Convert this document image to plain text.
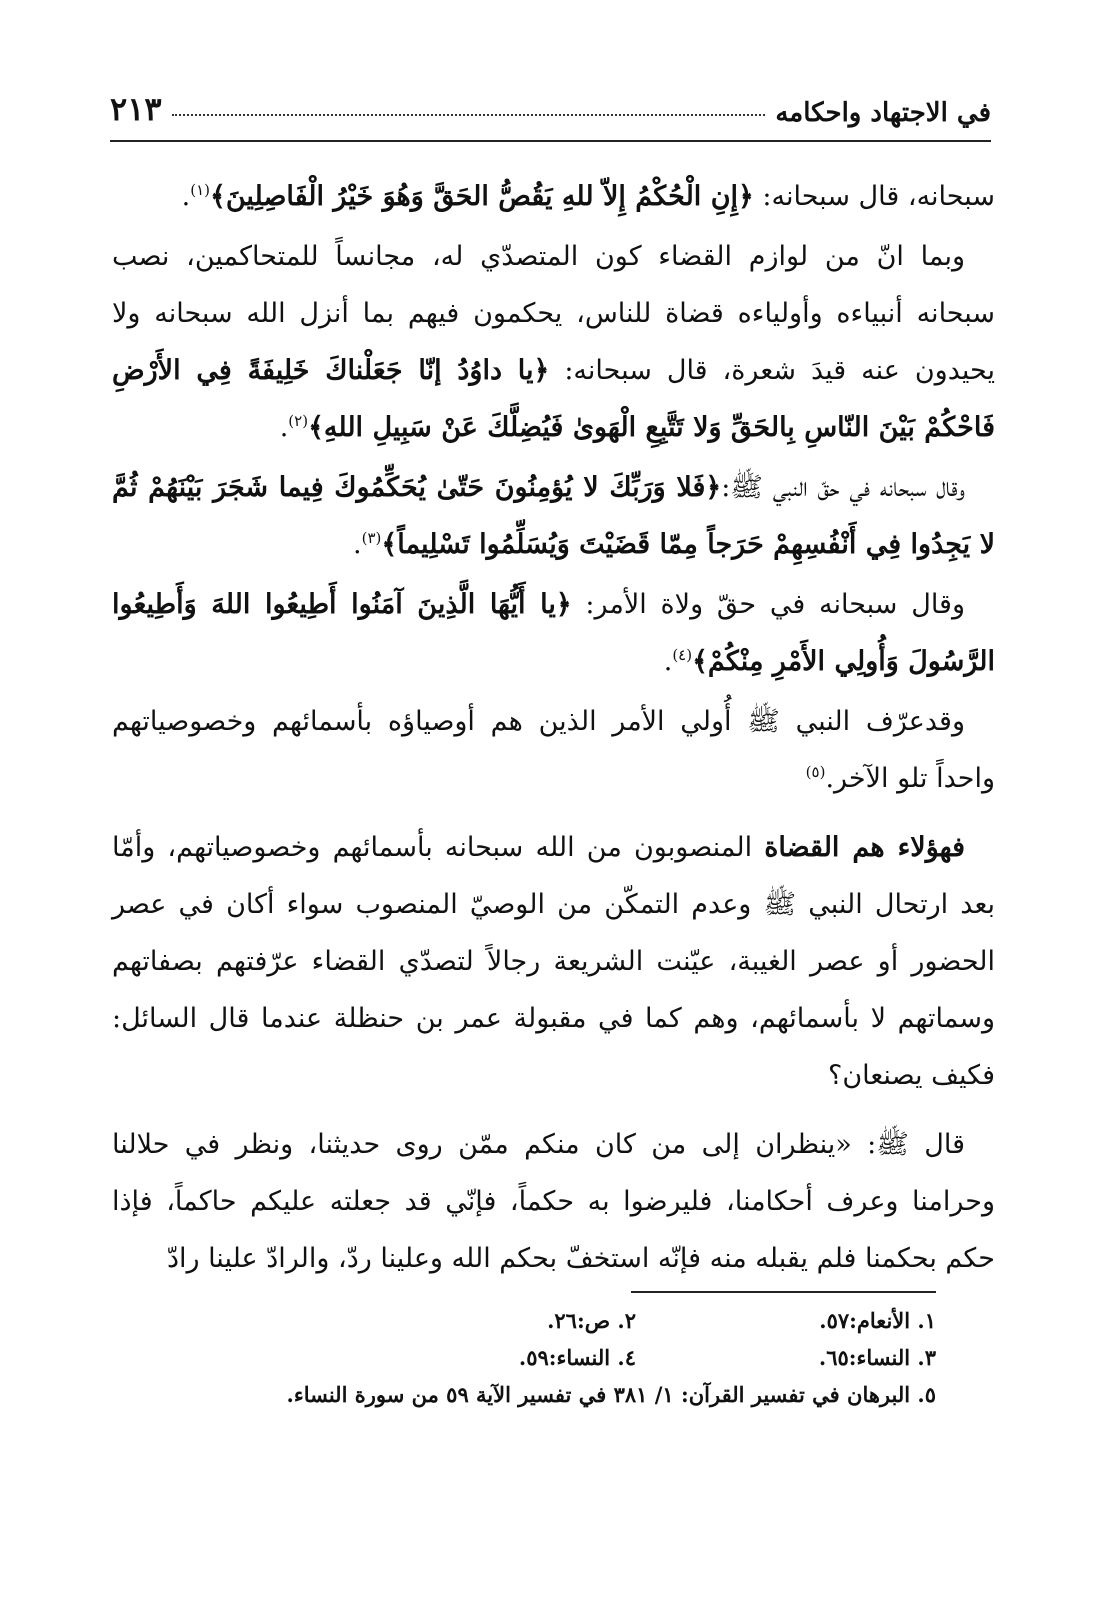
في الاجتهاد واحكامه
٢١٣

سبحانه، قال سبحانه: ﴿إِنِ الْحُكْمُ إِلاّ للهِ يَقُصُّ الحَقَّ وَهُوَ خَيْرُ الْفَاصِلِينَ﴾$^{(١)}$.

وبما انّ من لوازم القضاء كون المتصدّي له، مجانساً للمتحاكمين، نصب سبحانه أنبياءه وأولياءه قضاة للناس، يحكمون فيهم بما أنزل الله سبحانه ولا يحيدون عنه قيدَ شعرة، قال سبحانه: ﴿يا داوُدُ إنّا جَعَلْناكَ خَلِيفَةً فِي الأَرْضِ فَاحْكُمْ بَيْنَ النّاسِ بِالحَقِّ وَلا تَتَّبِعِ الْهَوىٰ فَيُضِلَّكَ عَنْ سَبِيلِ اللهِ﴾$^{(٢)}$.

وقال سبحانه في حقّ النبي ﷺ:﴿فَلا وَرَبِّكَ لا يُؤمِنُونَ حَتّىٰ يُحَكِّمُوكَ فِيما شَجَرَ بَيْنَهُمْ ثُمَّ لا يَجِدُوا فِي أَنْفُسِهِمْ حَرَجاً مِمّا قَضَيْتَ وَيُسَلِّمُوا تَسْلِيماً﴾$^{(٣)}$.

وقال سبحانه في حقّ ولاة الأمر: ﴿يا أَيُّهَا الَّذِينَ آمَنُوا أَطِيعُوا اللهَ وَأَطِيعُوا الرَّسُولَ وَأُولِي الأَمْرِ مِنْكُمْ﴾$^{(٤)}$.

وقدعرّف النبي ﷺ أُولي الأمر الذين هم أوصياؤه بأسمائهم وخصوصياتهم واحداً تلو الآخر.$^{(٥)}$

فهؤلاء هم القضاة المنصوبون من الله سبحانه بأسمائهم وخصوصياتهم، وأمّا بعد ارتحال النبي ﷺ وعدم التمكّن من الوصيّ المنصوب سواء أكان في عصر الحضور أو عصر الغيبة، عيّنت الشريعة رجالاً لتصدّي القضاء عرّفتهم بصفاتهم وسماتهم لا بأسمائهم، وهم كما في مقبولة عمر بن حنظلة عندما قال السائل: فكيف يصنعان؟

قال ﷺ: «ينظران إلى من كان منكم ممّن روى حديثنا، ونظر في حلالنا وحرامنا وعرف أحكامنا، فليرضوا به حكماً، فإنّي قد جعلته عليكم حاكماً، فإذا حكم بحكمنا فلم يقبله منه فإنّه استخفّ بحكم الله وعلينا ردّ، والرادّ علينا رادّ

١. الأنعام:٥٧.
٢. ص:٢٦.
٣. النساء:٦٥.
٤. النساء:٥٩.
٥. البرهان في تفسير القرآن: ١/ ٣٨١ في تفسير الآية ٥٩ من سورة النساء.
